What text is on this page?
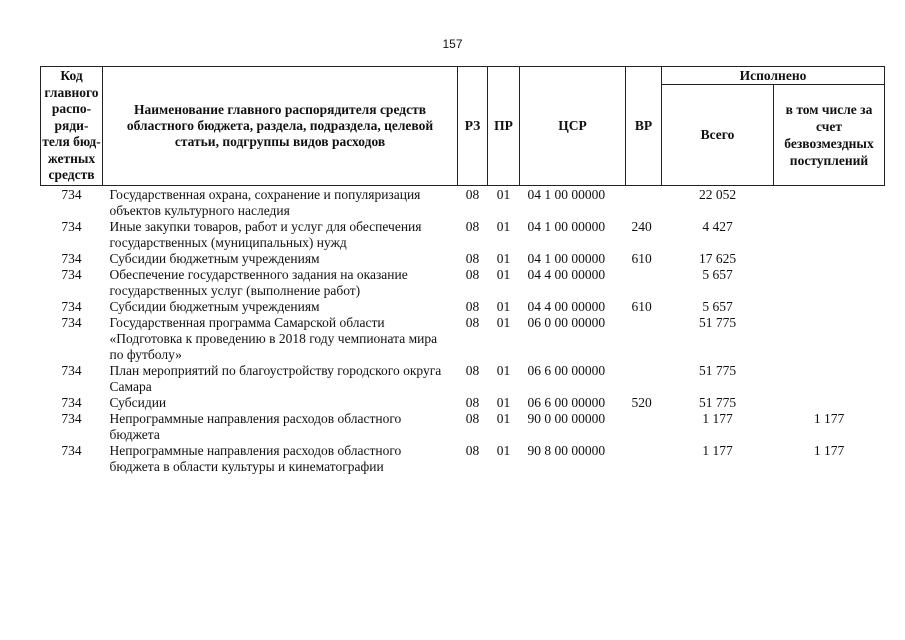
157
Код главного распо-ряди-теля бюд-жетных средств	Наименование главного распорядителя средств областного бюджета, раздела, подраздела, целевой статьи, подгруппы видов расходов	РЗ	ПР	ЦСР	ВР	Исполнено	
						Всего	в том числе за счет безвозмездных поступлений
734	Государственная охрана, сохранение и популяризация объектов культурного наследия	08	01	04 1 00 00000		22 052	
734	Иные закупки товаров, работ и услуг для обеспечения государственных (муниципальных) нужд	08	01	04 1 00 00000	240	4 427	
734	Субсидии бюджетным учреждениям	08	01	04 1 00 00000	610	17 625	
734	Обеспечение государственного задания на оказание государственных услуг (выполнение работ)	08	01	04 4 00 00000		5 657	
734	Субсидии бюджетным учреждениям	08	01	04 4 00 00000	610	5 657	
734	Государственная программа Самарской области «Подготовка к проведению в 2018 году чемпионата мира по футболу»	08	01	06 0 00 00000		51 775	
734	План мероприятий по благоустройству городского округа Самара	08	01	06 6 00 00000		51 775	
734	Субсидии	08	01	06 6 00 00000	520	51 775	
734	Непрограммные направления расходов областного бюджета	08	01	90 0 00 00000		1 177	1 177
734	Непрограммные направления расходов областного бюджета в области культуры и кинематографии	08	01	90 8 00 00000		1 177	1 177
